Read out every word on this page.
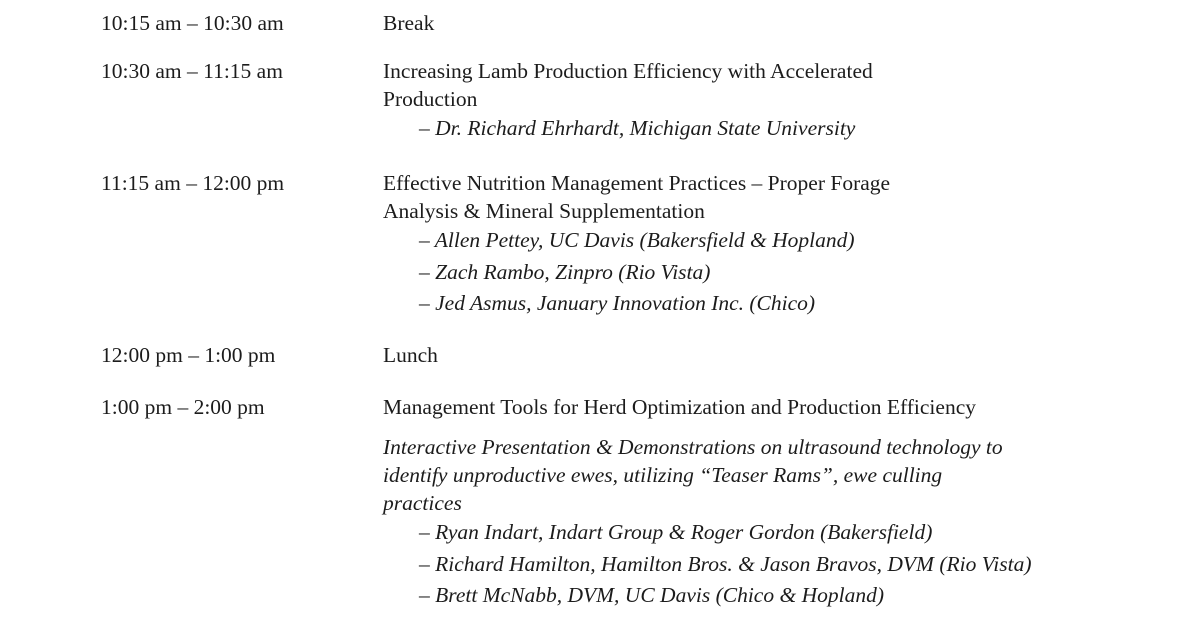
10:15 am – 10:30 am	Break
10:30 am – 11:15 am	Increasing Lamb Production Efficiency with Accelerated
Production
– Dr. Richard Ehrhardt, Michigan State University
11:15 am – 12:00 pm	Effective Nutrition Management Practices – Proper Forage
Analysis & Mineral Supplementation
– Allen Pettey, UC Davis (Bakersfield & Hopland)
– Zach Rambo, Zinpro (Rio Vista)
– Jed Asmus, January Innovation Inc. (Chico)
12:00 pm – 1:00 pm	Lunch
1:00 pm – 2:00 pm	Management Tools for Herd Optimization and Production Efficiency
Interactive Presentation & Demonstrations on ultrasound technology to
identify unproductive ewes, utilizing “Teaser Rams”, ewe culling
practices
– Ryan Indart, Indart Group & Roger Gordon (Bakersfield)
– Richard Hamilton, Hamilton Bros. & Jason Bravos, DVM (Rio Vista)
– Brett McNabb, DVM, UC Davis (Chico & Hopland)
